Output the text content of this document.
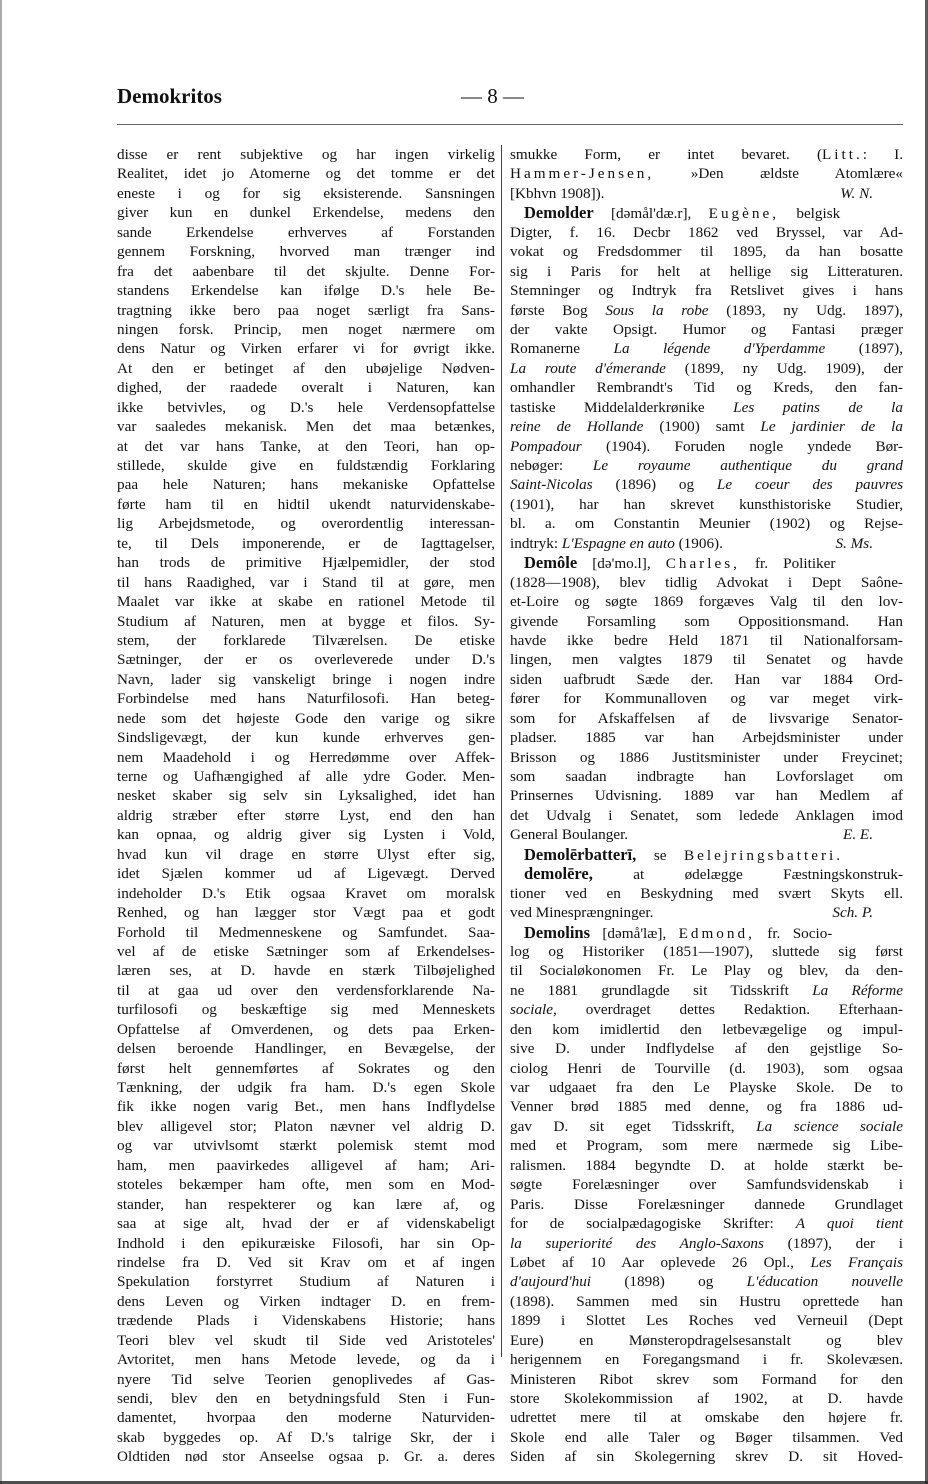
Demokritos	— 8 —
disse er rent subjektive og har ingen virkelig
Realitet, idet jo Atomerne og det tomme er det
eneste i og for sig eksisterende. Sansningen
giver kun en dunkel Erkendelse, medens den
sande Erkendelse erhverves af Forstanden
gennem Forskning, hvorved man trænger ind
fra det aabenbare til det skjulte. Denne For-
standens Erkendelse kan ifølge D.'s hele Be-
tragtning ikke bero paa noget særligt fra Sans-
ningen forsk. Princip, men noget nærmere om
dens Natur og Virken erfarer vi for øvrigt ikke.
At den er betinget af den ubøjelige Nødven-
dighed, der raadede overalt i Naturen, kan
ikke betvivles, og D.'s hele Verdensopfattelse
var saaledes mekanisk. Men det maa betænkes,
at det var hans Tanke, at den Teori, han op-
stillede, skulde give en fuldstændig Forklaring
paa hele Naturen; hans mekaniske Opfattelse
førte ham til en hidtil ukendt naturvidenskabe-
lig Arbejdsmetode, og overordentlig interessan-
te, til Dels imponerende, er de Iagttagelser,
han trods de primitive Hjælpemidler, der stod
til hans Raadighed, var i Stand til at gøre, men
Maalet var ikke at skabe en rationel Metode til
Studium af Naturen, men at bygge et filos. Sy-
stem, der forklarede Tilværelsen. De etiske
Sætninger, der er os overleverede under D.'s
Navn, lader sig vanskeligt bringe i nogen indre
Forbindelse med hans Naturfilosofi. Han beteg-
nede som det højeste Gode den varige og sikre
Sindsligevægt, der kun kunde erhverves gen-
nem Maadehold i og Herredømme over Affek-
terne og Uafhængighed af alle ydre Goder. Men-
nesket skaber sig selv sin Lyksalighed, idet han
aldrig stræber efter større Lyst, end den han
kan opnaa, og aldrig giver sig Lysten i Vold,
hvad kun vil drage en større Ulyst efter sig,
idet Sjælen kommer ud af Ligevægt. Derved
indeholder D.'s Etik ogsaa Kravet om moralsk
Renhed, og han lægger stor Vægt paa et godt
Forhold til Medmenneskene og Samfundet. Saa-
vel af de etiske Sætninger som af Erkendelses-
læren ses, at D. havde en stærk Tilbøjelighed
til at gaa ud over den verdensforklarende Na-
turfilosofi og beskæftige sig med Menneskets
Opfattelse af Omverdenen, og dets paa Erken-
delsen beroende Handlinger, en Bevægelse, der
først helt gennemførtes af Sokrates og den
Tænkning, der udgik fra ham. D.'s egen Skole
fik ikke nogen varig Bet., men hans Indflydelse
blev alligevel stor; Platon nævner vel aldrig D.
og var utvivlsomt stærkt polemisk stemt mod
ham, men paavirkedes alligevel af ham; Ari-
stoteles bekæmper ham ofte, men som en Mod-
stander, han respekterer og kan lære af, og
saa at sige alt, hvad der er af videnskabeligt
Indhold i den epikuræiske Filosofi, har sin Op-
rindelse fra D. Ved sit Krav om et af ingen
Spekulation forstyrret Studium af Naturen i
dens Leven og Virken indtager D. en frem-
trædende Plads i Videnskabens Historie; hans
Teori blev vel skudt til Side ved Aristoteles'
Avtoritet, men hans Metode levede, og da i
nyere Tid selve Teorien genoplivedes af Gas-
sendi, blev den en betydningsfuld Sten i Fun-
damentet, hvorpaa den moderne Naturviden-
skab byggedes op. Af D.'s talrige Skr, der i
Oldtiden nød stor Anseelse ogsaa p. Gr. a. deres
smukke Form, er intet bevaret. (Litt.: I.
Hammer-Jensen, »Den ældste Atomlære«
[Kbhvn 1908]).	W. N.
Demolder [dəmål'dæ.r], Eugène, belgisk
Digter, f. 16. Decbr 1862 ved Bryssel, var Ad-
vokat og Fredsdommer til 1895, da han bosatte
sig i Paris for helt at hellige sig Litteraturen.
Stemninger og Indtryk fra Retslivet gives i hans
første Bog Sous la robe (1893, ny Udg. 1897),
der vakte Opsigt. Humor og Fantasi præger
Romanerne La légende d'Yperdamme (1897),
La route d'émerande (1899, ny Udg. 1909), der
omhandler Rembrandt's Tid og Kreds, den fan-
tastiske Middelalderkrønike Les patins de la
reine de Hollande (1900) samt Le jardinier de la
Pompadour (1904). Foruden nogle yndede Bør-
nebøger: Le royaume authentique du grand
Saint-Nicolas (1896) og Le coeur des pauvres
(1901), har han skrevet kunsthistoriske Studier,
bl. a. om Constantin Meunier (1902) og Rejse-
indtryk: L'Espagne en auto (1906).	S. Ms.
Demôle [də'mo.l], Charles, fr. Politiker
(1828—1908), blev tidlig Advokat i Dept Saône-
et-Loire og søgte 1869 forgæves Valg til den lov-
givende Forsamling som Oppositionsmand. Han
havde ikke bedre Held 1871 til Nationalforsam-
lingen, men valgtes 1879 til Senatet og havde
siden uafbrudt Sæde der. Han var 1884 Ord-
fører for Kommunalloven og var meget virk-
som for Afskaffelsen af de livsvarige Senator-
pladser. 1885 var han Arbejdsminister under
Brisson og 1886 Justitsminister under Freycinet;
som saadan indbragte han Lovforslaget om
Prinsernes Udvisning. 1889 var han Medlem af
det Udvalg i Senatet, som ledede Anklagen imod
General Boulanger.	E. E.
Demolērbatterī, se Belejringsbatteri.
demolēre, at ødelægge Fæstningskonstruk-
tioner ved en Beskydning med svært Skyts ell.
ved Minesprængninger.	Sch. P.
Demolins [dəmå'læ], Edmond, fr. Socio-
log og Historiker (1851—1907), sluttede sig først
til Socialøkonomen Fr. Le Play og blev, da den-
ne 1881 grundlagde sit Tidsskrift La Réforme
sociale, overdraget dettes Redaktion. Efterhaan-
den kom imidlertid den letbevægelige og impul-
sive D. under Indflydelse af den gejstlige So-
ciolog Henri de Tourville (d. 1903), som ogsaa
var udgaaet fra den Le Playske Skole. De to
Venner brød 1885 med denne, og fra 1886 ud-
gav D. sit eget Tidsskrift, La science sociale
med et Program, som mere nærmede sig Libe-
ralismen. 1884 begyndte D. at holde stærkt be-
søgte Forelæsninger over Samfundsvidenskab i
Paris. Disse Forelæsninger dannede Grundlaget
for de socialpædagogiske Skrifter: A quoi tient
la superiorité des Anglo-Saxons (1897), der i
Løbet af 10 Aar oplevede 26 Opl., Les Français
d'aujourd'hui (1898) og L'éducation nouvelle
(1898). Sammen med sin Hustru oprettede han
1899 i Slottet Les Roches ved Verneuil (Dept
Eure) en Mønsteropdragelsesanstalt og blev
herigennem en Foregangsmand i fr. Skolevæsen.
Ministeren Ribot skrev som Formand for den
store Skolekommission af 1902, at D. havde
udrettet mere til at omskabe den højere fr.
Skole end alle Taler og Bøger tilsammen. Ved
Siden af sin Skolegerning skrev D. sit Hoved-
